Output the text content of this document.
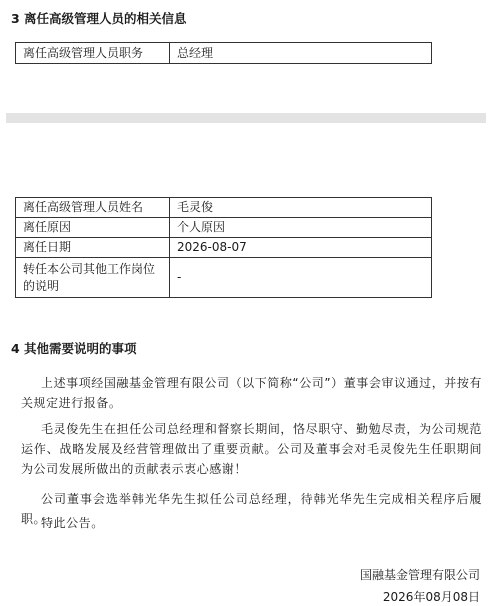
3 离任高级管理人员的相关信息
离任高级管理人员职务	总经理
离任高级管理人员姓名	毛灵俊
离任原因	个人原因
离任日期	2026-08-07

转任本公司其他工作岗位
的说明	-
4 其他需要说明的事项

上述事项经国融基金管理有限公司（以下简称“公司”）董事会审议通过，并按有关规定进行报备。

毛灵俊先生在担任公司总经理和督察长期间，恪尽职守、勤勉尽责，为公司规范运作、战略发展及经营管理做出了重要贡献。公司及董事会对毛灵俊先生任职期间为公司发展所做出的贡献表示衷心感谢！

公司董事会选举韩光华先生拟任公司总经理，待韩光华先生完成相关程序后履职。

特此公告。

国融基金管理有限公司

2026年08月08日
